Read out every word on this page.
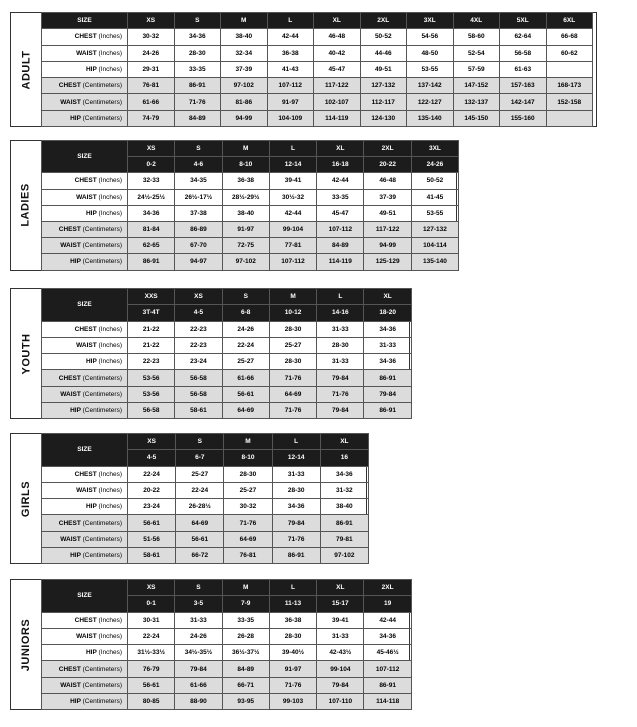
ADULT
SIZE	XS	S	M	L	XL	2XL	3XL	4XL	5XL	6XL
CHEST (Inches)	30-32	34-36	38-40	42-44	46-48	50-52	54-56	58-60	62-64	66-68
WAIST (Inches)	24-26	28-30	32-34	36-38	40-42	44-46	48-50	52-54	56-58	60-62
HIP (Inches)	29-31	33-35	37-39	41-43	45-47	49-51	53-55	57-59	61-63	
CHEST (Centimeters)	76-81	86-91	97-102	107-112	117-122	127-132	137-142	147-152	157-163	168-173
WAIST (Centimeters)	61-66	71-76	81-86	91-97	102-107	112-117	122-127	132-137	142-147	152-158
HIP (Centimeters)	74-79	84-89	94-99	104-109	114-119	124-130	135-140	145-150	155-160	
LADIES
SIZE	XS	S	M	L	XL	2XL	3XL
	0-2	4-6	8-10	12-14	16-18	20-22	24-26
CHEST (Inches)	32-33	34-35	36-38	39-41	42-44	46-48	50-52
WAIST (Inches)	24½-25½	26½-17½	28½-29½	30½-32	33-35	37-39	41-45
HIP (Inches)	34-36	37-38	38-40	42-44	45-47	49-51	53-55
CHEST (Centimeters)	81-84	86-89	91-97	99-104	107-112	117-122	127-132
WAIST (Centimeters)	62-65	67-70	72-75	77-81	84-89	94-99	104-114
HIP (Centimeters)	86-91	94-97	97-102	107-112	114-119	125-129	135-140
YOUTH
SIZE	XXS	XS	S	M	L	XL
	3T-4T	4-5	6-8	10-12	14-16	18-20
CHEST (Inches)	21-22	22-23	24-26	28-30	31-33	34-36
WAIST (Inches)	21-22	22-23	22-24	25-27	28-30	31-33
HIP (Inches)	22-23	23-24	25-27	28-30	31-33	34-36
CHEST (Centimeters)	53-56	56-58	61-66	71-76	79-84	86-91
WAIST (Centimeters)	53-56	56-58	56-61	64-69	71-76	79-84
HIP (Centimeters)	56-58	58-61	64-69	71-76	79-84	86-91
GIRLS
SIZE	XS	S	M	L	XL
	4-5	6-7	8-10	12-14	16
CHEST (Inches)	22-24	25-27	28-30	31-33	34-36
WAIST (Inches)	20-22	22-24	25-27	28-30	31-32
HIP (Inches)	23-24	26-28½	30-32	34-36	38-40
CHEST (Centimeters)	56-61	64-69	71-76	79-84	86-91
WAIST (Centimeters)	51-56	56-61	64-69	71-76	79-81
HIP (Centimeters)	58-61	66-72	76-81	86-91	97-102
JUNIORS
SIZE	XS	S	M	L	XL	2XL
	0-1	3-5	7-9	11-13	15-17	19
CHEST (Inches)	30-31	31-33	33-35	36-38	39-41	42-44
WAIST (Inches)	22-24	24-26	26-28	28-30	31-33	34-36
HIP (Inches)	31½-33½	34½-35½	36½-37½	39-40½	42-43½	45-46½
CHEST (Centimeters)	76-79	79-84	84-89	91-97	99-104	107-112
WAIST (Centimeters)	56-61	61-66	66-71	71-76	79-84	86-91
HIP (Centimeters)	80-85	88-90	93-95	99-103	107-110	114-118
